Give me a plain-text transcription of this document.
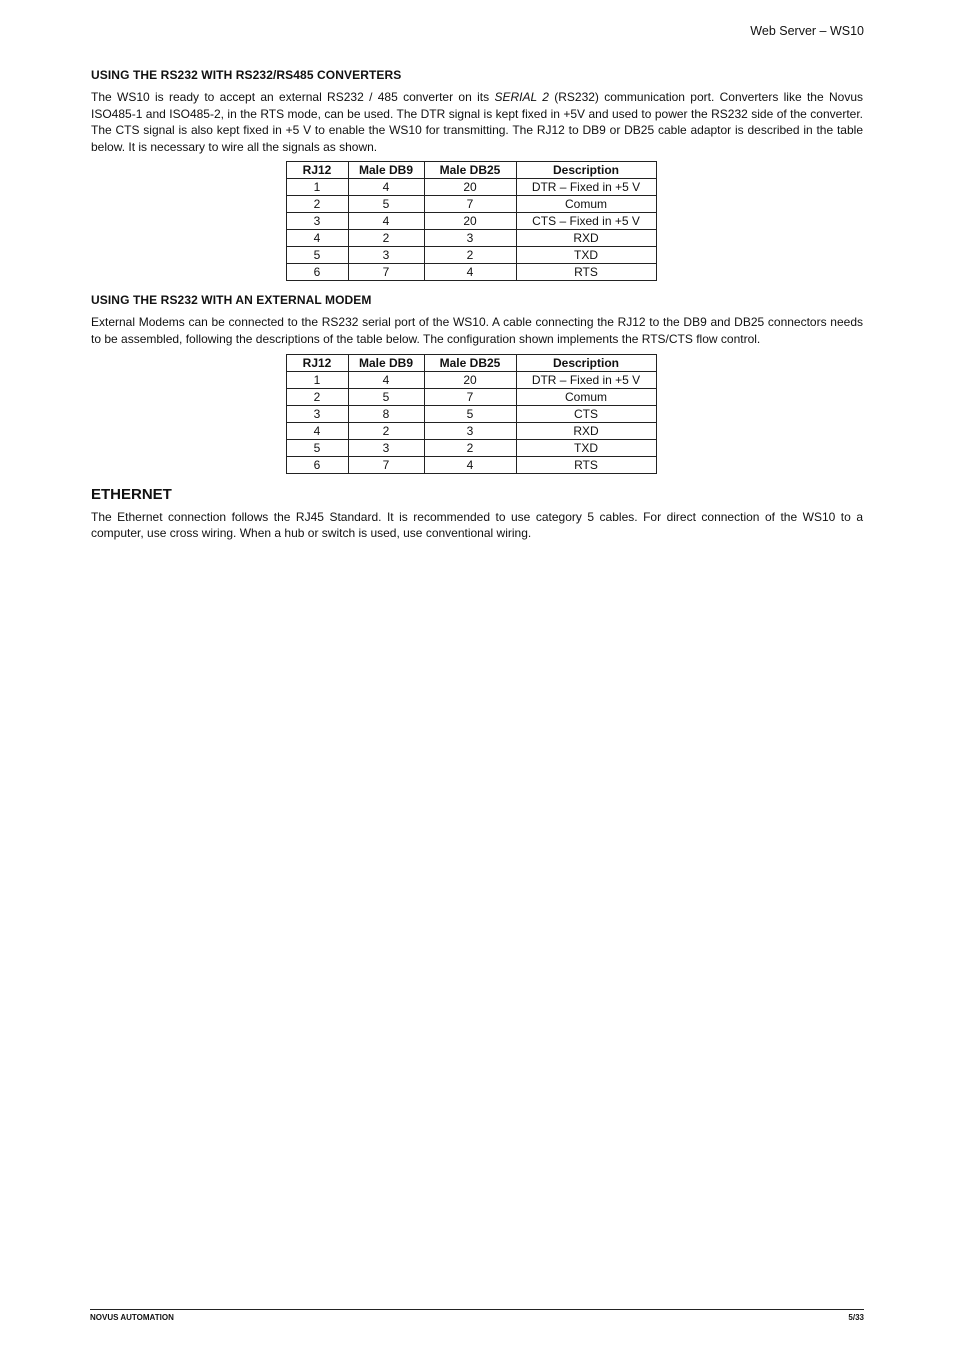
Web Server – WS10
USING THE RS232 WITH RS232/RS485 CONVERTERS

The WS10 is ready to accept an external RS232 / 485 converter on its SERIAL 2 (RS232) communication port. Converters like the Novus ISO485-1 and ISO485-2, in the RTS mode, can be used. The DTR signal is kept fixed in +5V and used to power the RS232 side of the converter. The CTS signal is also kept fixed in +5 V to enable the WS10 for transmitting. The RJ12 to DB9 or DB25 cable adaptor is described in the table below. It is necessary to wire all the signals as shown.

RJ12	Male DB9	Male DB25	Description
1	4	20	DTR – Fixed in +5 V
2	5	7	Comum
3	4	20	CTS – Fixed in +5 V
4	2	3	RXD
5	3	2	TXD
6	7	4	RTS
USING THE RS232 WITH AN EXTERNAL MODEM

External Modems can be connected to the RS232 serial port of the WS10. A cable connecting the RJ12 to the DB9 and DB25 connectors needs to be assembled, following the descriptions of the table below. The configuration shown implements the RTS/CTS flow control.

RJ12	Male DB9	Male DB25	Description
1	4	20	DTR – Fixed in +5 V
2	5	7	Comum
3	8	5	CTS
4	2	3	RXD
5	3	2	TXD
6	7	4	RTS
ETHERNET

The Ethernet connection follows the RJ45 Standard. It is recommended to use category 5 cables. For direct connection of the WS10 to a computer, use cross wiring. When a hub or switch is used, use conventional wiring.

NOVUS AUTOMATION	5/33
